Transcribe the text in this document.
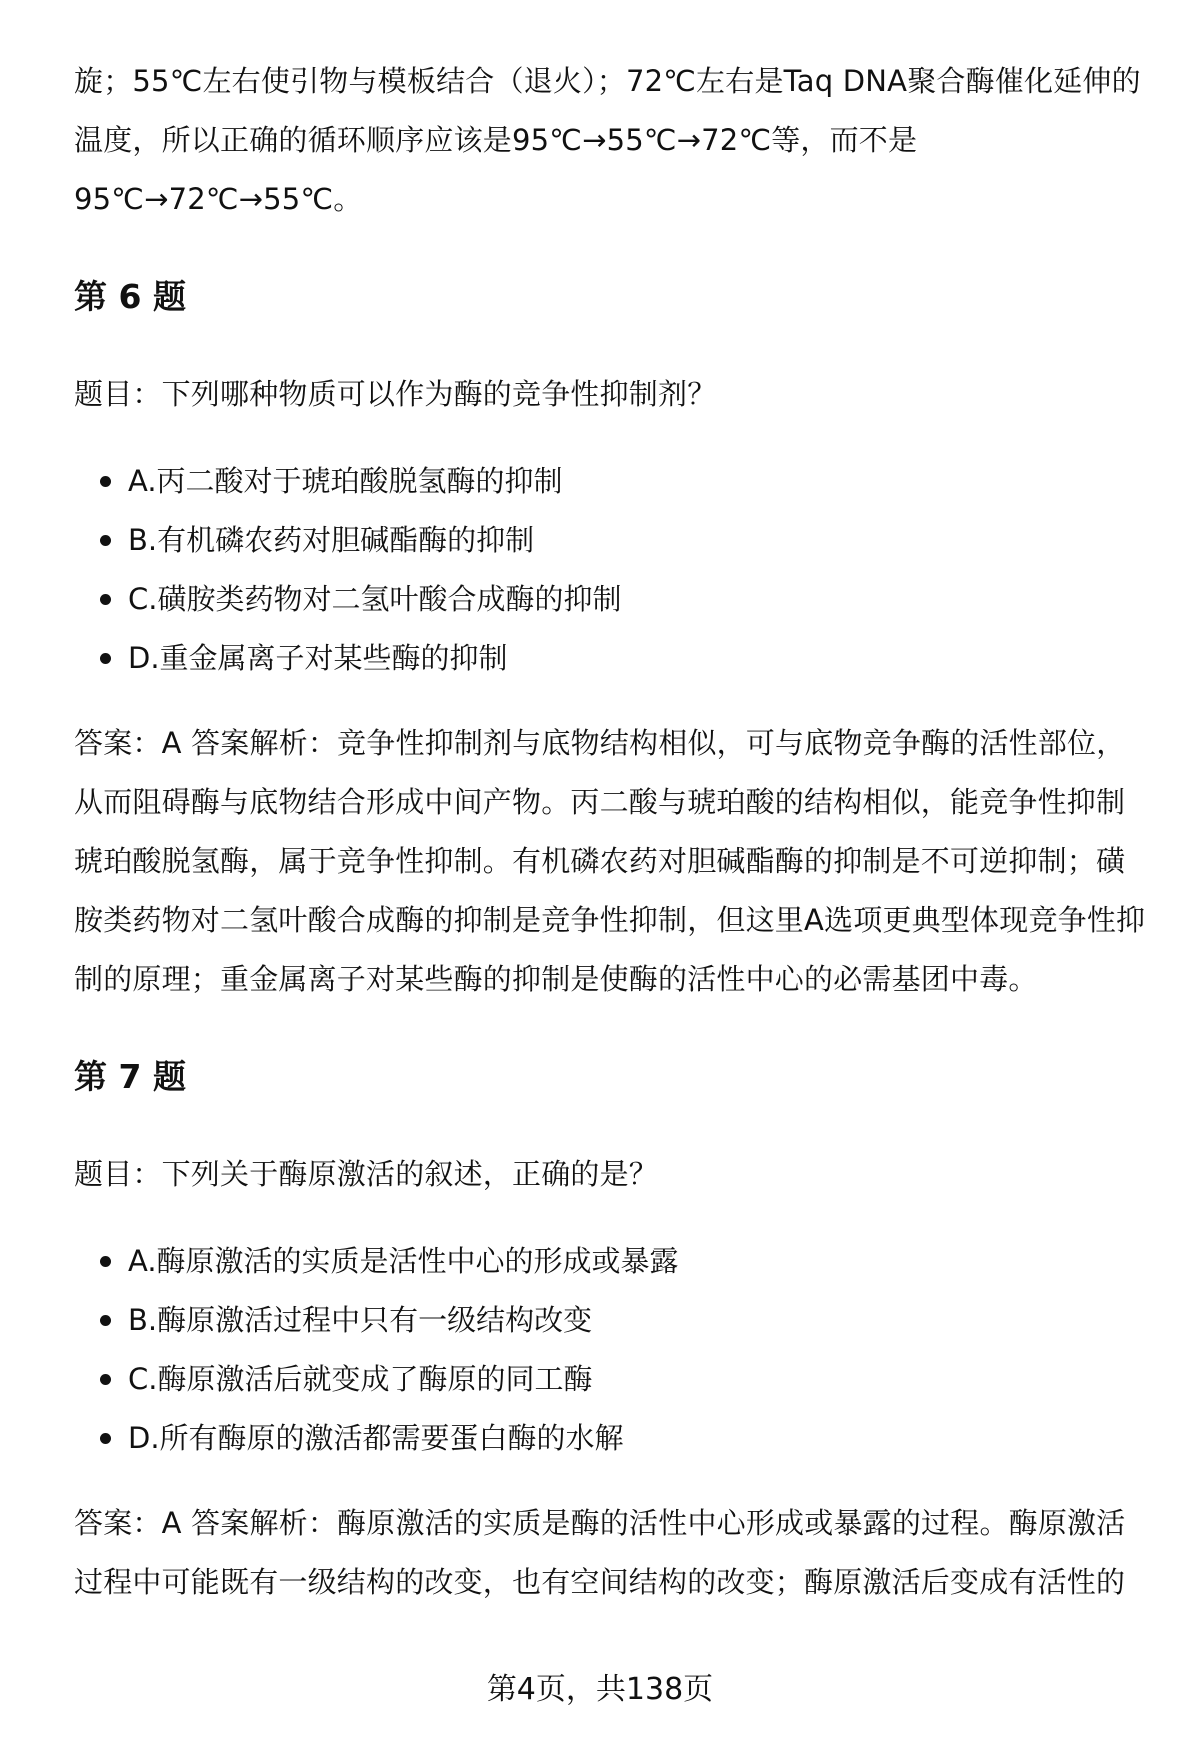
旋；55℃左右使引物与模板结合（退火）；72℃左右是Taq DNA聚合酶催化延伸的温度，所以正确的循环顺序应该是95℃→55℃→72℃等，而不是95℃→72℃→55℃。

第 6 题

题目：下列哪种物质可以作为酶的竞争性抑制剂？

A.丙二酸对于琥珀酸脱氢酶的抑制
B.有机磷农药对胆碱酯酶的抑制
C.磺胺类药物对二氢叶酸合成酶的抑制
D.重金属离子对某些酶的抑制

答案：A 答案解析：竞争性抑制剂与底物结构相似，可与底物竞争酶的活性部位，从而阻碍酶与底物结合形成中间产物。丙二酸与琥珀酸的结构相似，能竞争性抑制琥珀酸脱氢酶，属于竞争性抑制。有机磷农药对胆碱酯酶的抑制是不可逆抑制；磺胺类药物对二氢叶酸合成酶的抑制是竞争性抑制，但这里A选项更典型体现竞争性抑制的原理；重金属离子对某些酶的抑制是使酶的活性中心的必需基团中毒。

第 7 题

题目：下列关于酶原激活的叙述，正确的是？

A.酶原激活的实质是活性中心的形成或暴露
B.酶原激活过程中只有一级结构改变
C.酶原激活后就变成了酶原的同工酶
D.所有酶原的激活都需要蛋白酶的水解

答案：A 答案解析：酶原激活的实质是酶的活性中心形成或暴露的过程。酶原激活过程中可能既有一级结构的改变，也有空间结构的改变；酶原激活后变成有活性的

第4页，共138页
